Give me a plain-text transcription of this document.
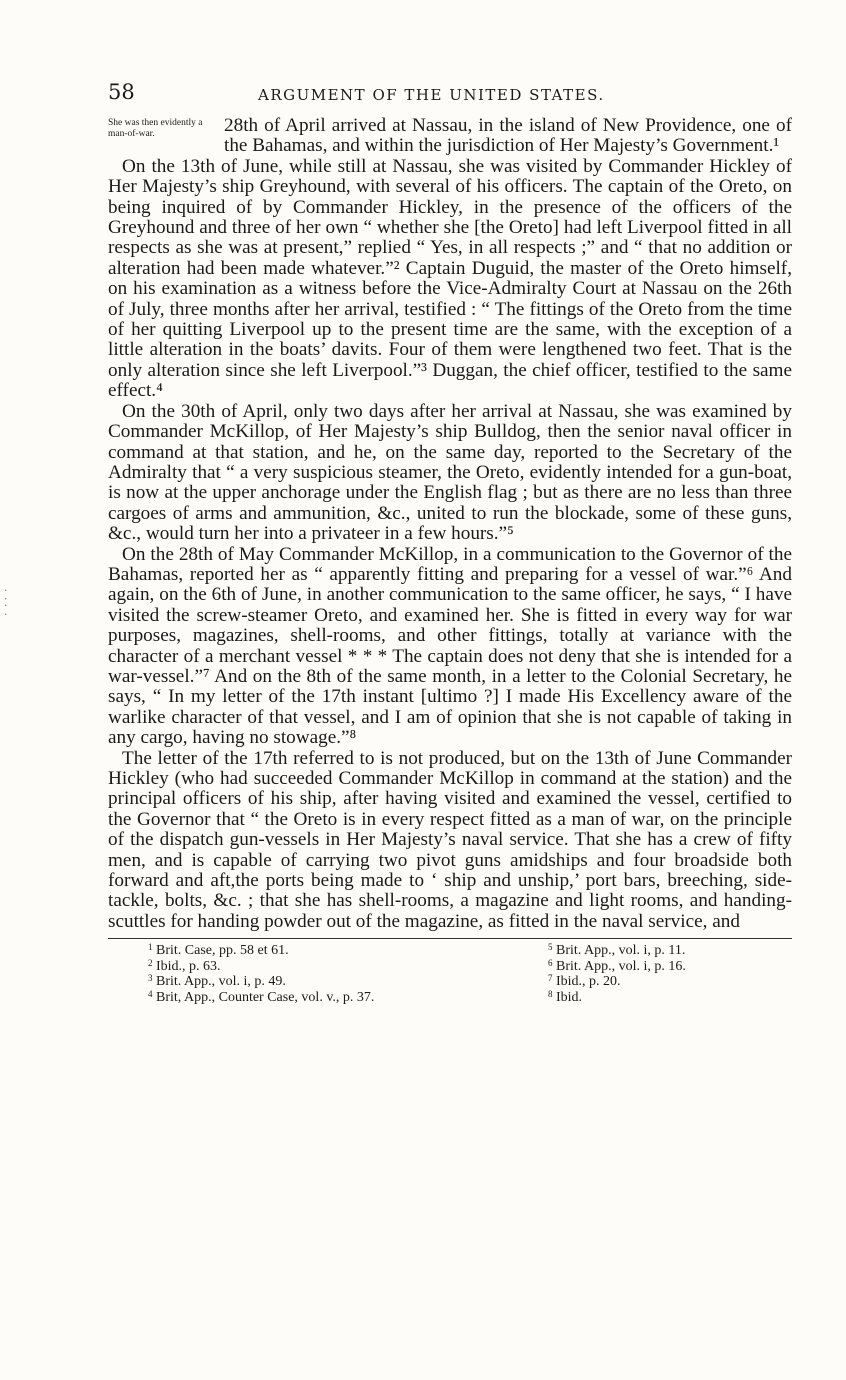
58	ARGUMENT OF THE UNITED STATES.

She was then evidently a man-of-war.	28th of April arrived at Nassau, in the island of New Providence, one of the Bahamas, and within the jurisdiction of Her Majesty’s Government.¹

On the 13th of June, while still at Nassau, she was visited by Commander Hickley of Her Majesty’s ship Greyhound, with several of his officers. The captain of the Oreto, on being inquired of by Commander Hickley, in the presence of the officers of the Greyhound and three of her own “ whether she [the Oreto] had left Liverpool fitted in all respects as she was at present,” replied “ Yes, in all respects ;” and “ that no addition or alteration had been made whatever.”² Captain Duguid, the master of the Oreto himself, on his examination as a witness before the Vice-Admiralty Court at Nassau on the 26th of July, three months after her arrival, testified : “ The fittings of the Oreto from the time of her quitting Liverpool up to the present time are the same, with the exception of a little alteration in the boats’ davits. Four of them were lengthened two feet. That is the only alteration since she left Liverpool.”³ Duggan, the chief officer, testified to the same effect.⁴

On the 30th of April, only two days after her arrival at Nassau, she was examined by Commander McKillop, of Her Majesty’s ship Bulldog, then the senior naval officer in command at that station, and he, on the same day, reported to the Secretary of the Admiralty that “ a very suspicious steamer, the Oreto, evidently intended for a gun-boat, is now at the upper anchorage under the English flag ; but as there are no less than three cargoes of arms and ammunition, &c., united to run the blockade, some of these guns, &c., would turn her into a privateer in a few hours.”⁵

On the 28th of May Commander McKillop, in a communication to the Governor of the Bahamas, reported her as “ apparently fitting and preparing for a vessel of war.”⁶ And again, on the 6th of June, in another communication to the same officer, he says, “ I have visited the screw-steamer Oreto, and examined her. She is fitted in every way for war purposes, magazines, shell-rooms, and other fittings, totally at variance with the character of a merchant vessel * * * The captain does not deny that she is intended for a war-vessel.”⁷ And on the 8th of the same month, in a letter to the Colonial Secretary, he says, “ In my letter of the 17th instant [ultimo ?] I made His Excellency aware of the warlike character of that vessel, and I am of opinion that she is not capable of taking in any cargo, having no stowage.”⁸

The letter of the 17th referred to is not produced, but on the 13th of June Commander Hickley (who had succeeded Commander McKillop in command at the station) and the principal officers of his ship, after having visited and examined the vessel, certified to the Governor that “ the Oreto is in every respect fitted as a man of war, on the principle of the dispatch gun-vessels in Her Majesty’s naval service. That she has a crew of fifty men, and is capable of carrying two pivot guns amidships and four broadside both forward and aft,the ports being made to ‘ ship and unship,’ port bars, breeching, side-tackle, bolts, &c. ; that she has shell-rooms, a magazine and light rooms, and handing-scuttles for handing powder out of the magazine, as fitted in the naval service, and

$^1$ Brit. Case, pp. 58 et 61.
$^2$ Ibid., p. 63.
$^3$ Brit. App., vol. i, p. 49.
$^4$ Brit, App., Counter Case, vol. v., p. 37.
$^5$ Brit. App., vol. i, p. 11.
$^6$ Brit. App., vol. i, p. 16.
$^7$ Ibid., p. 20.
$^8$ Ibid.
·
⁚
·
